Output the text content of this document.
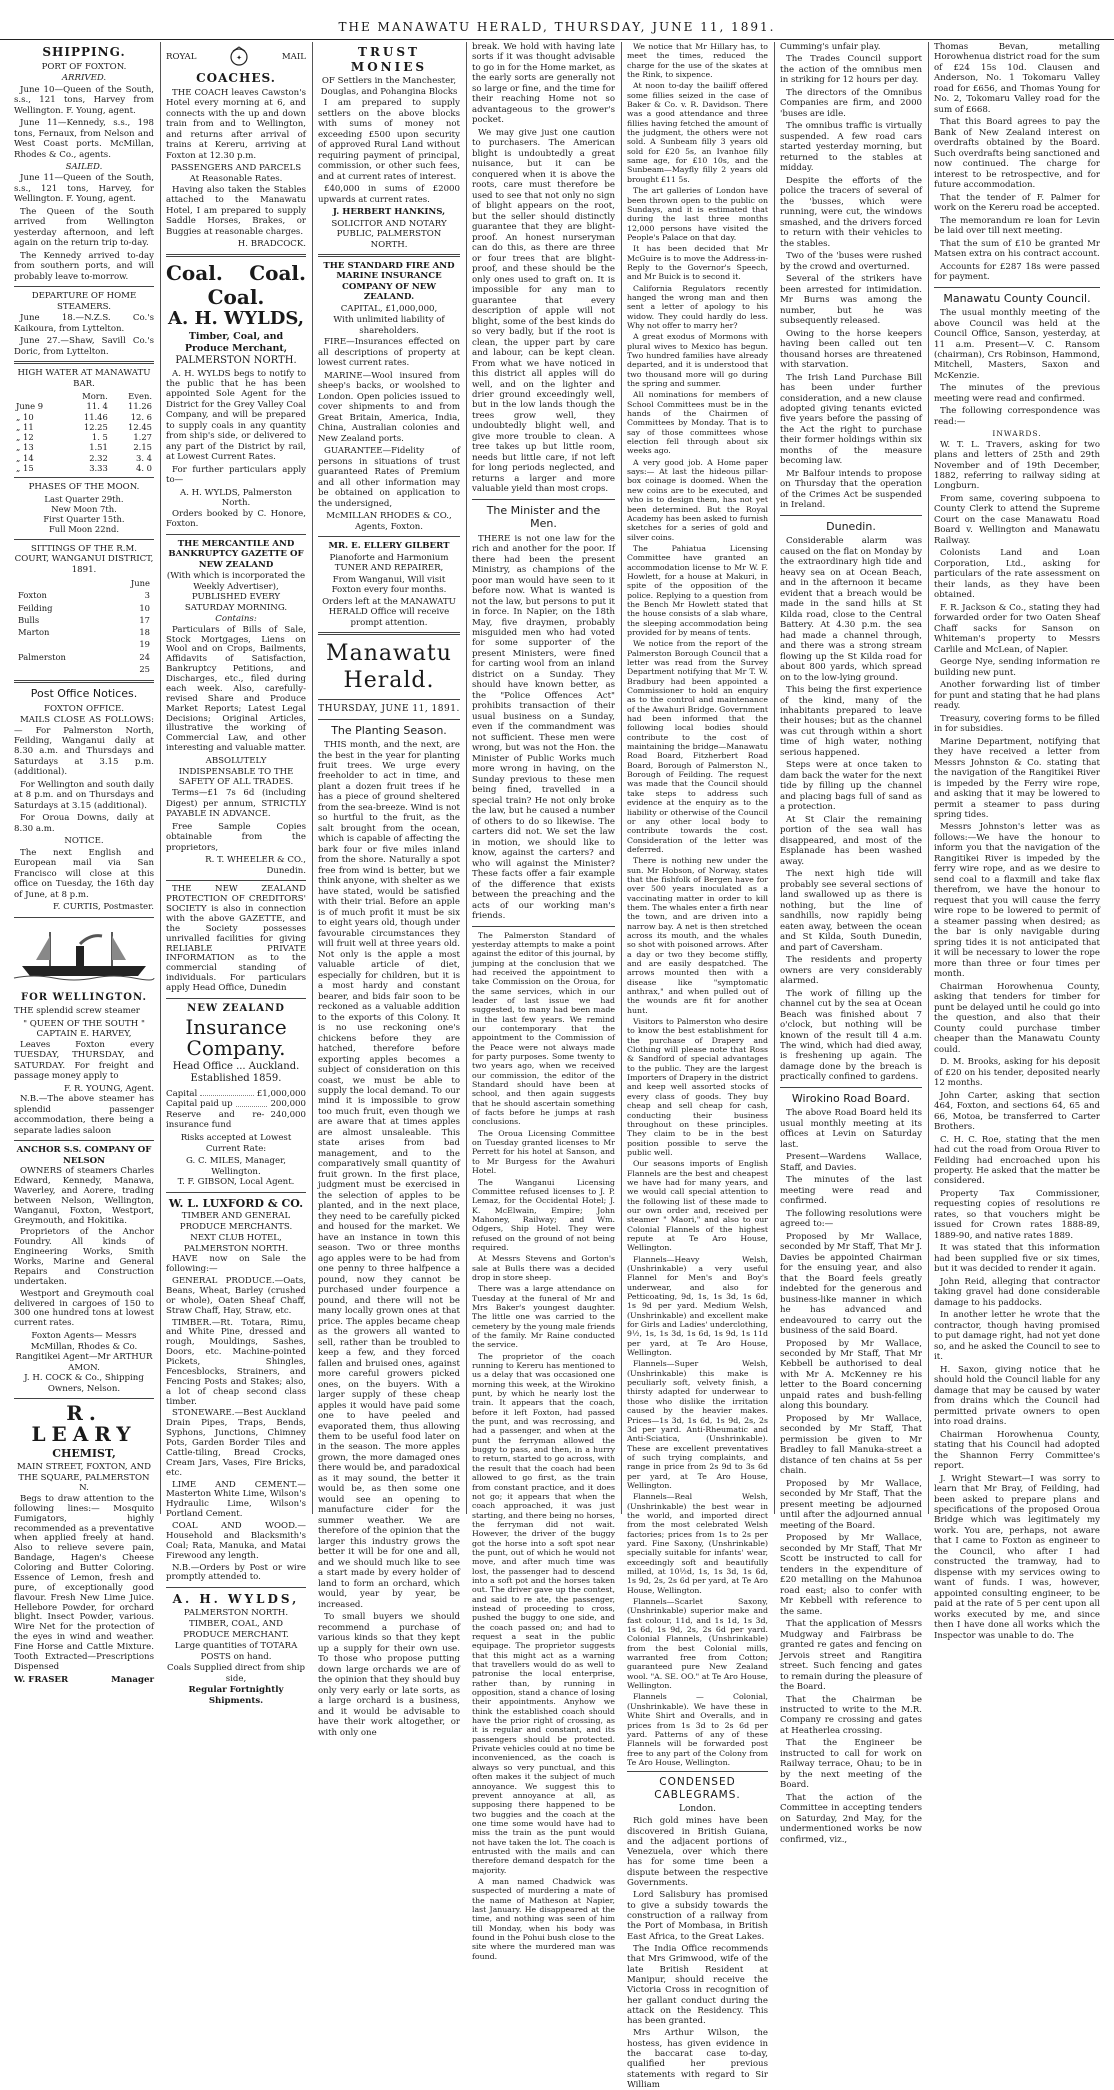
THE MANAWATU HERALD, THURSDAY, JUNE 11, 1891.
SHIPPING.
PORT OF FOXTON.
ARRIVED.

June 10—Queen of the South, s.s., 121 tons, Harvey from Wellington. F. Young, agent.

June 11—Kennedy, s.s., 198 tons, Fernaux, from Nelson and West Coast ports. McMillan, Rhodes & Co., agents.

SAILED.

June 11—Queen of the South, s.s., 121 tons, Harvey, for Wellington. F. Young, agent.

The Queen of the South arrived from Wellington yesterday afternoon, and left again on the return trip to-day.

The Kennedy arrived to-day from southern ports, and will probably leave to-morrow.

DEPARTURE OF HOME STEAMERS.

June 18.—N.Z.S. Co.'s Kaikoura, from Lyttelton.

June 27.—Shaw, Savill Co.'s Doric, from Lyttelton.

HIGH WATER AT MANAWATU BAR.
	Morn.	Even.
June 9	11. 4	11.26
„ 10	11.46	12. 6
„ 11	12.25	12.45
„ 12	1. 5	1.27
„ 13	1.51	2.15
„ 14	2.32	3. 4
„ 15	3.33	4. 0
PHASES OF THE MOON.
Last Quarter 29th.
New Moon 7th.
First Quarter 15th.
Full Moon 22nd.
SITTINGS OF THE R.M. COURT, WANGANUI DISTRICT, 1891.
	June
Foxton	3
Feilding	10
Bulls	17
Marton	18
	19
Palmerston	24
	25
Post Office Notices.
FOXTON OFFICE.

MAILS CLOSE AS FOLLOWS:— For Palmerston North, Feilding, Wanganui daily at 8.30 a.m. and Thursdays and Saturdays at 3.15 p.m. (additional).

For Wellington and south daily at 8 p.m. and on Thursdays and Saturdays at 3.15 (additional).

For Oroua Downs, daily at 8.30 a.m.

NOTICE.

The next English and European mail via San Francisco will close at this office on Tuesday, the 16th day of June, at 8 p.m.

F. CURTIS, Postmaster.
FOR WELLINGTON.

THE splendid screw steamer

" QUEEN OF THE SOUTH "
CAPTAIN E. HARVEY,

Leaves Foxton every TUESDAY, THURSDAY, and SATURDAY. For freight and passage money apply to

F. R. YOUNG, Agent.

N.B.—The above steamer has splendid passenger accommodation, there being a separate ladies saloon

ANCHOR S.S. COMPANY OF NELSON

OWNERS of steamers Charles Edward, Kennedy, Manawa, Waverley, and Aorere, trading between Nelson, Wellington, Wanganui, Foxton, Westport, Greymouth, and Hokitika.

Proprietors of the Anchor Foundry. All kinds of Engineering Works, Smith Works, Marine and General Repairs and Construction undertaken.

Westport and Greymouth coal delivered in cargoes of 150 to 300 one hundred tons at lowest current rates.

Foxton Agents— Messrs McMillan, Rhodes & Co.
Rangitikei Agent—Mr ARTHUR AMON.
J. H. COCK & Co., Shipping Owners, Nelson.
R. LEARY
CHEMIST,
MAIN STREET, FOXTON, AND
THE SQUARE, PALMERSTON N.

Begs to draw attention to the following lines:— Mosquito Fumigators, highly recommended as a preventative when applied freely at hand. Also to relieve severe pain, Bandage, Hagen's Cheese Coloring and Butter Coloring. Essence of Lemon, fresh and pure, of exceptionally good flavour. Fresh New Lime Juice. Hellebore Powder, for orchard blight. Insect Powder, various. Wire Net for the protection of the eyes in wind and weather. Fine Horse and Cattle Mixture. Tooth Extracted—Prescriptions Dispensed

W. FRASER	Manager
ROYAL	✦	MAIL
COACHES.

THE COACH leaves Cawston's Hotel every morning at 6, and connects with the up and down train from and to Wellington, and returns after arrival of trains at Kereru, arriving at Foxton at 12.30 p.m.

PASSENGERS AND PARCELS At Reasonable Rates.

Having also taken the Stables attached to the Manawatu Hotel, I am prepared to supply Saddle Horses, Brakes, or Buggies at reasonable charges.

H. BRADCOCK.
Coal. Coal.
Coal.
A. H. WYLDS,
Timber, Coal, and Produce Merchant,
PALMERSTON NORTH.

A. H. WYLDS begs to notify to the public that he has been appointed Sole Agent for the District for the Grey Valley Coal Company, and will be prepared to supply coals in any quantity from ship's side, or delivered to any part of the District by rail, at Lowest Current Rates.

For further particulars apply to—

A. H. WYLDS, Palmerston North.

Orders booked by C. Honore, Foxton.

THE MERCANTILE AND BANKRUPTCY GAZETTE OF NEW ZEALAND
(With which is incorporated the Weekly Advertiser), PUBLISHED EVERY SATURDAY MORNING.
Contains:

Particulars of Bills of Sale, Stock Mortgages, Liens on Wool and on Crops, Bailments, Affidavits of Satisfaction, Bankruptcy Petitions, and Discharges, etc., filed during each week. Also, carefully-revised Share and Produce Market Reports; Latest Legal Decisions; Original Articles, illustrative the working of Commercial Law, and other interesting and valuable matter.

ABSOLUTELY INDISPENSABLE TO THE SAFETY OF ALL TRADES.

Terms—£1 7s 6d (including Digest) per annum, STRICTLY PAYABLE IN ADVANCE.

Free Sample Copies obtainable from the proprietors,

R. T. WHEELER & CO., Dunedin.

THE NEW ZEALAND PROTECTION OF CREDITORS' SOCIETY is also in connection with the above GAZETTE, and the Society possesses unrivalled facilities for giving RELIABLE PRIVATE INFORMATION as to the commercial standing of individuals. For particulars apply Head Office, Dunedin

NEW ZEALAND
Insurance Company.
Head Office ... Auckland. Established 1859.
Capital	£1,000,000
Capital paid up	200,000
Reserve and re-insurance fund
240,000

Risks accepted at Lowest Current Rate:

G. C. MILES, Manager, Wellington.
T. F. GIBSON, Local Agent.
W. L. LUXFORD & CO.
TIMBER AND GENERAL PRODUCE MERCHANTS.
NEXT CLUB HOTEL, PALMERSTON NORTH.

HAVE now on Sale the following:—

GENERAL PRODUCE.—Oats, Beans, Wheat, Barley (crushed or whole), Oaten Sheaf Chaff, Straw Chaff, Hay, Straw, etc.

TIMBER.—Rt. Totara, Rimu, and White Pine, dressed and rough, Mouldings, Sashes, Doors, etc. Machine-pointed Pickets, Shingles, Fencesblocks, Strainers, and Fencing Posts and Stakes; also, a lot of cheap second class timber.

STONEWARE.—Best Auckland Drain Pipes, Traps, Bends, Syphons, Junctions, Chimney Pots, Garden Border Tiles and Cattle-tiling, Bread Crocks, Cream Jars, Vases, Fire Bricks, etc.

LIME AND CEMENT.—Masterton White Lime, Wilson's Hydraulic Lime, Wilson's Portland Cement.

COAL AND WOOD.—Household and Blacksmith's Coal; Rata, Manuka, and Matai Firewood any length.

N.B.—Orders by Post or wire promptly attended to.

A. H. WYLDS,
PALMERSTON NORTH.
TIMBER, COAL, AND PRODUCE MERCHANT.
Large quantities of TOTARA POSTS on hand.
Coals Supplied direct from ship side,
Regular Fortnightly Shipments.
TRUST MONIES
OF Settlers in the Manchester, Douglas, and Pohangina Blocks

I am prepared to supply settlers on the above blocks with sums of money not exceeding £500 upon security of approved Rural Land without requiring payment of principal, commission, or other such fees, and at current rates of interest.

£40,000 in sums of £2000 upwards at current rates.

J. HERBERT HANKINS,
SOLICITOR AND NOTARY PUBLIC, PALMERSTON NORTH.
THE STANDARD FIRE AND MARINE INSURANCE COMPANY OF NEW ZEALAND.
CAPITAL, £1,000,000,
With unlimited liability of shareholders.

FIRE—Insurances effected on all descriptions of property at lowest current rates.

MARINE—Wool insured from sheep's backs, or woolshed to London. Open policies issued to cover shipments to and from Great Britain, America, India, China, Australian colonies and New Zealand ports.

GUARANTEE—Fidelity of persons in situations of trust guaranteed Rates of Premium and all other information may be obtained on application to the undersigned,

McMILLAN RHODES & CO., Agents, Foxton.
MR. E. ELLERY GILBERT
Pianoforte and Harmonium TUNER AND REPAIRER,
From Wanganui, Will visit Foxton every four months.

Orders left at the MANAWATU HERALD Office will receive prompt attention.

Manawatu Herald.
THURSDAY, JUNE 11, 1891.
The Planting Season.

THIS month, and the next, are the best in the year for planting fruit trees. We urge every freeholder to act in time, and plant a dozen fruit trees if he has a piece of ground sheltered from the sea-breeze. Wind is not so hurtful to the fruit, as the salt brought from the ocean, which is capable of affecting the bark four or five miles inland from the shore. Naturally a spot free from wind is better, but we think anyone, with shelter as we have stated, would be satisfied with their trial. Before an apple is of much profit it must be six to eight years old, though under favourable circumstances they will fruit well at three years old. Not only is the apple a most valuable article of diet, especially for children, but it is a most hardy and constant bearer, and bids fair soon to be reckoned as a valuable addition to the exports of this Colony. It is no use reckoning one's chickens before they are hatched, therefore before exporting apples becomes a subject of consideration on this coast, we must be able to supply the local demand. To our mind it is impossible to grow too much fruit, even though we are aware that at times apples are almost unsaleable. This state arises from bad management, and to the comparatively small quantity of fruit grown. In the first place, judgment must be exercised in the selection of apples to be planted, and in the next place, they need to be carefully picked and housed for the market. We have an instance in town this season. Two or three months ago apples were to be had from one penny to three halfpence a pound, now they cannot be purchased under fourpence a pound, and there will not be many locally grown ones at that price. The apples became cheap as the growers all wanted to sell, rather than be troubled to keep a few, and they forced fallen and bruised ones, against more careful growers picked ones, on the buyers. With a larger supply of these cheap apples it would have paid some one to have peeled and evaporated them, thus allowing them to be useful food later on in the season. The more apples grown, the more damaged ones there would be, and paradoxical as it may sound, the better it would be, as then some one would see an opening to manufacture cider for the summer weather. We are therefore of the opinion that the larger this industry grows the better it will be for one and all, and we should much like to see a start made by every holder of land to form an orchard, which would, year by year, be increased.

To small buyers we should recommend a purchase of various kinds so that they kept up a supply for their own use. To those who propose putting down large orchards we are of the opinion that they should buy only very early or late sorts, as a large orchard is a business, and it would be advisable to have their work altogether, or with only one

break. We hold with having late sorts if it was thought advisable to go in for the Home market, as the early sorts are generally not so large or fine, and the time for their reaching Home not so advantageous to the grower's pocket.

We may give just one caution to purchasers. The American blight is undoubtedly a great nuisance, but it can be conquered when it is above the roots, care must therefore be used to see that not only no sign of blight appears on the root, but the seller should distinctly guarantee that they are blight-proof. An honest nurseryman can do this, as there are three or four trees that are blight-proof, and these should be the only ones used to graft on. It is impossible for any man to guarantee that every description of apple will not blight, some of the best kinds do so very badly, but if the root is clean, the upper part by care and labour, can be kept clean. From what we have noticed in this district all apples will do well, and on the lighter and drier ground exceedingly well, but in the low lands though the trees grow well, they undoubtedly blight well, and give more trouble to clean. A tree takes up but little room, needs but little care, if not left for long periods neglected, and returns a larger and more valuable yield than most crops.

The Minister and the Men.

THERE is not one law for the rich and another for the poor. If there had been the present Ministry, as champions of the poor man would have seen to it before now. What is wanted is not the law, but persons to put it in force. In Napier, on the 18th May, five draymen, probably misguided men who had voted for some supporter of the present Ministers, were fined for carting wool from an inland district on a Sunday. They should have known better, as the "Police Offences Act" prohibits transaction of their usual business on a Sunday, even if the commandment was not sufficient. These men were wrong, but was not the Hon. the Minister of Public Works much more wrong in having, on the Sunday previous to these men being fined, travelled in a special train? He not only broke the law, but he caused a number of others to do so likewise. The carters did not. We set the law in motion, we should like to know, against the carters? and who will against the Minister? These facts offer a fair example of the difference that exists between the preaching and the acts of our working man's friends.

The Palmerston Standard of yesterday attempts to make a point against the editor of this journal, by jumping at the conclusion that we had received the appointment to take Commission on the Oroua, for the same services, which in our leader of last issue we had suggested, to many had been made in the last few years. We remind our contemporary that the appointment to the Commission of the Peace were not always made for party purposes. Some twenty to two years ago, when we received our commission, the editor of the Standard should have been at school, and then again suggests that he should ascertain something of facts before he jumps at rash conclusions.

The Oroua Licensing Committee on Tuesday granted licenses to Mr Perrett for his hotel at Sanson, and to Mr Burgess for the Awahuri Hotel.

The Wanganui Licensing Committee refused licenses to J. P. Lemaz, for the Occidental Hotel; J. K. McElwain, Empire; John Mahoney, Railway; and Wm. Odgers, Ship Hotel. They were refused on the ground of not being required.

At Messrs Stevens and Gorton's sale at Bulls there was a decided drop in store sheep.

There was a large attendance on Tuesday at the funeral of Mr and Mrs Baker's youngest daughter. The little one was carried to the cemetery by the young male friends of the family. Mr Raine conducted the service.

The proprietor of the coach running to Kereru has mentioned to us a delay that was occasioned one morning this week, at the Wirokino punt, by which he nearly lost the train. It appears that the coach, before it left Foxton, had passed the punt, and was recrossing, and had a passenger, and when at the punt the ferryman allowed the buggy to pass, and then, in a hurry to return, started to go across, with the result that the coach had been allowed to go first, as the train from constant practice, and it does not go; it appears that when the coach approached, it was just starting, and there being no horses, the ferryman did not wait. However, the driver of the buggy got the horse into a soft spot near the punt, out of which he would not move, and after much time was lost, the passenger had to descend into a soft pot and the horses taken out. The driver gave up the contest, and said to re ate, the passenger, instead of proceeding to cross, pushed the buggy to one side, and the coach passed on; and had to request a seat in the public equipage. The proprietor suggests that this might act as a warning that travellers would do as well to patronise the local enterprise, rather than, by running in opposition, stand a chance of losing their appointments. Anyhow we think the established coach should have the prior right of crossing, as it is regular and constant, and its passengers should be protected. Private vehicles could at no time be inconvenienced, as the coach is always so very punctual, and this often makes it the subject of much annoyance. We suggest this to prevent annoyance at all, as supposing there happened to be two buggies and the coach at the one time some would have had to miss the train as the punt would not have taken the lot. The coach is entrusted with the mails and can therefore demand despatch for the majority.

A man named Chadwick was suspected of murdering a mate of the name of Matheson at Napier, last January. He disappeared at the time, and nothing was seen of him till Monday, when his body was found in the Pohui bush close to the site where the murdered man was found.

We notice that Mr Hillary has, to meet the times, reduced the charge for the use of the skates at the Rink, to sixpence.

At noon to-day the bailiff offered some fillies seized in the case of Baker & Co. v. R. Davidson. There was a good attendance and three fillies having fetched the amount of the judgment, the others were not sold. A Sunbeam filly 3 years old sold for £20 5s, an Ivanhoe filly same age, for £10 10s, and the Sunbeam—Mayfly filly 2 years old brought £11 5s.

The art galleries of London have been thrown open to the public on Sundays, and it is estimated that during the last three months 12,000 persons have visited the People's Palace on that day.

It has been decided that Mr McGuire is to move the Address-in-Reply to the Governor's Speech, and Mr Buick is to second it.

California Regulators recently hanged the wrong man and then sent a letter of apology to his widow. They could hardly do less. Why not offer to marry her?

A great exodus of Mormons with plural wives to Mexico has begun. Two hundred families have already departed, and it is understood that two thousand more will go during the spring and summer.

All nominations for members of School Committees must be in the hands of the Chairmen of Committees by Monday. That is to say of those committees whose election fell through about six weeks ago.

A very good job. A Home paper says:— At last the hideous pillar-box coinage is doomed. When the new coins are to be executed, and who is to design them, has not yet been determined. But the Royal Academy has been asked to furnish sketches for a series of gold and silver coins.

The Pahiatua Licensing Committee have granted an accommodation license to Mr W. F. Howlett, for a house at Makuri, in spite of the opposition of the police. Replying to a question from the Bench Mr Howlett stated that the house consists of a slab whare, the sleeping accommodation being provided for by means of tents.

We notice from the report of the Palmerston Borough Council that a letter was read from the Survey Department notifying that Mr T. W. Bradbury had been appointed a Commissioner to hold an enquiry as to the control and maintenance of the Awahuri Bridge. Government had been informed that the following local bodies should contribute to the cost of maintaining the bridge—Manawatu Road Board, Fitzherbert Road Board, Borough of Palmerston N., Borough of Feilding. The request was made that the Council should take steps to address such evidence at the enquiry as to the liability or otherwise of the Council or any other local body to contribute towards the cost. Consideration of the letter was deferred.

There is nothing new under the sun. Mr Hobson, of Norway, states that the fishfolk of Bergen have for over 500 years inoculated as a vaccinating matter in order to kill them. The whales enter a firth near the town, and are driven into a narrow bay. A net is then stretched across its mouth, and the whales so shot with poisoned arrows. After a day or two they become stiffly, and are easily despatched. The arrows mounted then with a disease like "symptomatic anthrax," and when pulled out of the wounds are fit for another hunt.

Visitors to Palmerston who desire to know the best establishment for the purchase of Drapery and Clothing will please note that Ross & Sandford of special advantages to the public. They are the largest Importers of Drapery in the district and keep well assorted stocks of every class of goods. They buy cheap and sell cheap for cash, conducting their business throughout on these principles. They claim to be in the best position possible to serve the public well.

Our seasons imports of English Flannels are the best and cheapest we have had for many years, and we would call special attention to the following list of these made to our own order and, received per steamer " Maori," and also to our Colonial Flannels of the highest repute at Te Aro House, Wellington.

Flannels—Heavy Welsh, (Unshrinkable) a very useful Flannel for Men's and Boy's underwear, and also for Petticoating, 9d, 1s, 1s 3d, 1s 6d, 1s 9d per yard. Medium Welsh, (Unshrinkable) and excellent make for Girls and Ladies' underclothing, 9½, 1s, 1s 3d, 1s 6d, 1s 9d, 1s 11d per yard, at Te Aro House, Wellington.

Flannels—Super Welsh, (Unshrinkable) this make is peculiarly soft, velvety finish, a thirsty adapted for underwear to those who dislike the irritation caused by the heavier makes. Prices—1s 3d, 1s 6d, 1s 9d, 2s, 2s 3d per yard. Anti-Rheumatic and Anti-Sciatica, (Unshrinkable). These are excellent preventatives of such trying complaints, and range in price from 2s 9d to 3s 6d per yard, at Te Aro House, Wellington.

Flannels—Real Welsh, (Unshrinkable) the best wear in the world, and imported direct from the most celebrated Welsh factories; prices from 1s to 2s per yard. Fine Saxony, (Unshrinkable) specially suitable for infants' wear, exceedingly soft and beautifully milled, at 10½d, 1s, 1s 3d, 1s 6d, 1s 9d, 2s, 2s 6d per yard, at Te Aro House, Wellington.

Flannels—Scarlet Saxony, (Unshrinkable) superior make and fast colour, 11d, and 1s 1d, 1s 3d, 1s 6d, 1s 9d, 2s, 2s 6d per yard. Colonial Flannels, (Unshrinkable) from the best Colonial mills, warranted free from Cotton; guaranteed pure New Zealand wool. "A. SE. OO." at Te Aro House, Wellington.

Flannels — Colonial, (Unshrinkable). We have these in White Shirt and Overalls, and in prices from 1s 3d to 2s 6d per yard. Patterns of any of these Flannels will be forwarded post free to any part of the Colony from Te Aro House, Wellington.

CONDENSED CABLEGRAMS.
London.

Rich gold mines have been discovered in British Guiana, and the adjacent portions of Venezuela, over which there has for some time been a dispute between the respective Governments.

Lord Salisbury has promised to give a subsidy towards the construction of a railway from the Port of Mombasa, in British East Africa, to the Great Lakes.

The India Office recommends that Mrs Grimwood, wife of the late British Resident at Manipur, should receive the Victoria Cross in recognition of her gallant conduct during the attack on the Residency. This has been granted.

Mrs Arthur Wilson, the hostess, has given evidence in the baccarat case to-day, qualified her previous statements with regard to Sir William

Cumming's unfair play.

The Trades Council support the action of the omnibus men in striking for 12 hours per day.

The directors of the Omnibus Companies are firm, and 2000 'buses are idle.

The omnibus traffic is virtually suspended. A few road cars started yesterday morning, but returned to the stables at midday.

Despite the efforts of the police the tracers of several of the 'busses, which were running, were cut, the windows smashed, and the drivers forced to return with their vehicles to the stables.

Two of the 'buses were rushed by the crowd and overturned.

Several of the strikers have been arrested for intimidation. Mr Burns was among the number, but he was subsequently released.

Owing to the horse keepers having been called out ten thousand horses are threatened with starvation.

The Irish Land Purchase Bill has been under further consideration, and a new clause adopted giving tenants evicted five years before the passing of the Act the right to purchase their former holdings within six months of the measure becoming law.

Mr Balfour intends to propose on Thursday that the operation of the Crimes Act be suspended in Ireland.

Dunedin.

Considerable alarm was caused on the flat on Monday by the extraordinary high tide and heavy sea on at Ocean Beach, and in the afternoon it became evident that a breach would be made in the sand hills at St Kilda road, close to the Central Battery. At 4.30 p.m. the sea had made a channel through, and there was a strong stream flowing up the St Kilda road for about 800 yards, which spread on to the low-lying ground.

This being the first experience of the kind, many of the inhabitants prepared to leave their houses; but as the channel was cut through within a short time of high water, nothing serious happened.

Steps were at once taken to dam back the water for the next tide by filling up the channel and placing bags full of sand as a protection.

At St Clair the remaining portion of the sea wall has disappeared, and most of the Esplanade has been washed away.

The next high tide will probably see several sections of land swallowed up as there is nothing, but the line of sandhills, now rapidly being eaten away, between the ocean and St Kilda, South Dunedin, and part of Caversham.

The residents and property owners are very considerably alarmed.

The work of filling up the channel cut by the sea at Ocean Beach was finished about 7 o'clock, but nothing will be known of the result till 4 a.m. The wind, which had died away, is freshening up again. The damage done by the breach is practically confined to gardens.

Wirokino Road Board.

The above Road Board held its usual monthly meeting at its offices at Levin on Saturday last.

Present—Wardens Wallace, Staff, and Davies.

The minutes of the last meeting were read and confirmed.

The following resolutions were agreed to:—

Proposed by Mr Wallace, seconded by Mr Staff, That Mr J. Davies be appointed Chairman for the ensuing year, and also that the Board feels greatly indebted for the generous and business-like manner in which he has advanced and endeavoured to carry out the business of the said Board.

Proposed by Mr Wallace, seconded by Mr Staff, That Mr Kebbell be authorised to deal with Mr A. McKenney re his letter to the Board concerning unpaid rates and bush-felling along this boundary.

Proposed by Mr Wallace, seconded by Mr Staff, That permission be given to Mr Bradley to fall Manuka-street a distance of ten chains at 5s per chain.

Proposed by Mr Wallace, seconded by Mr Staff, That the present meeting be adjourned until after the adjourned annual meeting of the Board.

Proposed by Mr Wallace, seconded by Mr Staff, That Mr Scott be instructed to call for tenders in the expenditure of £20 metalling on the Mahunoa road east; also to confer with Mr Kebbell with reference to the same.

That the application of Messrs Mudgway and Fairbrass be granted re gates and fencing on Jervois street and Rangitira street. Such fencing and gates to remain during the pleasure of the Board.

That the Chairman be instructed to write to the M.R. Company re crossing and gates at Heatherlea crossing.

That the Engineer be instructed to call for work on Railway terrace, Ohau; to be in by the next meeting of the Board.

That the action of the Committee in accepting tenders on Saturday, 2nd May, for the undermentioned works be now confirmed, viz.,

Thomas Bevan, metalling Horowhenua district road for the sum of £24 15s 10d. Clausen and Anderson, No. 1 Tokomaru Valley road for £656, and Thomas Young for No. 2, Tokomaru Valley road for the sum of £668.

That this Board agrees to pay the Bank of New Zealand interest on overdrafts obtained by the Board. Such overdrafts being sanctioned and now continued. The charge for interest to be retrospective, and for future accommodation.

That the tender of F. Palmer for work on the Kereru road be accepted.

The memorandum re loan for Levin be laid over till next meeting.

That the sum of £10 be granted Mr Matsen extra on his contract account.

Accounts for £287 18s were passed for payment.

Manawatu County Council.

The usual monthly meeting of the above Council was held at the Council Office, Sanson, yesterday, at 11 a.m. Present—V. C. Ransom (chairman), Crs Robinson, Hammond, Mitchell, Masters, Saxon and McKenzie.

The minutes of the previous meeting were read and confirmed.

The following correspondence was read:—

INWARDS.

W. T. L. Travers, asking for two plans and letters of 25th and 29th November and of 19th December, 1882, referring to railway siding at Longburn.

From same, covering subpoena to County Clerk to attend the Supreme Court on the case Manawatu Road Board v. Wellington and Manawatu Railway.

Colonists Land and Loan Corporation, Ltd., asking for particulars of the rate assessment on their lands, as they have been obtained.

F. R. Jackson & Co., stating they had forwarded order for two Oaten Sheaf Chaff sacks for Sanson on Whiteman's property to Messrs Carlile and McLean, of Napier.

George Nye, sending information re building new punt.

Another forwarding list of timber for punt and stating that he had plans ready.

Treasury, covering forms to be filled in for subsidies.

Marine Department, notifying that they have received a letter from Messrs Johnston & Co. stating that the navigation of the Rangitikei River is impeded by the Ferry wire rope, and asking that it may be lowered to permit a steamer to pass during spring tides.

Messrs Johnston's letter was as follows:—We have the honour to inform you that the navigation of the Rangitikei River is impeded by the ferry wire rope, and as we desire to send coal to a flaxmill and take flax therefrom, we have the honour to request that you will cause the ferry wire rope to be lowered to permit of a steamer passing when desired; as the bar is only navigable during spring tides it is not anticipated that it will be necessary to lower the rope more than three or four times per month.

Chairman Horowhenua County, asking that tenders for timber for punt be delayed until he could go into the question, and also that their County could purchase timber cheaper than the Manawatu County could.

D. M. Brooks, asking for his deposit of £20 on his tender, deposited nearly 12 months.

John Carter, asking that section 464, Foxton, and sections 64, 65 and 66, Motoa, be transferred to Carter Brothers.

C. H. C. Roe, stating that the men had cut the road from Oroua River to Feilding had encroached upon his property. He asked that the matter be considered.

Property Tax Commissioner, requesting copies of resolutions re rates, so that vouchers might be issued for Crown rates 1888-89, 1889-90, and native rates 1889.

It was stated that this information had been supplied five or six times, but it was decided to render it again.

John Reid, alleging that contractor taking gravel had done considerable damage to his paddocks.

In another letter he wrote that the contractor, though having promised to put damage right, had not yet done so, and he asked the Council to see to it.

H. Saxon, giving notice that he should hold the Council liable for any damage that may be caused by water from drains which the Council had permitted private owners to open into road drains.

Chairman Horowhenua County, stating that his Council had adopted the Shannon Ferry Committee's report.

J. Wright Stewart—I was sorry to learn that Mr Bray, of Feilding, had been asked to prepare plans and specifications of the proposed Oroua Bridge which was legitimately my work. You are, perhaps, not aware that I came to Foxton as engineer to the Council, who after I had constructed the tramway, had to dispense with my services owing to want of funds. I was, however, appointed consulting engineer, to be paid at the rate of 5 per cent upon all works executed by me, and since then I have done all works which the Inspector was unable to do. The
